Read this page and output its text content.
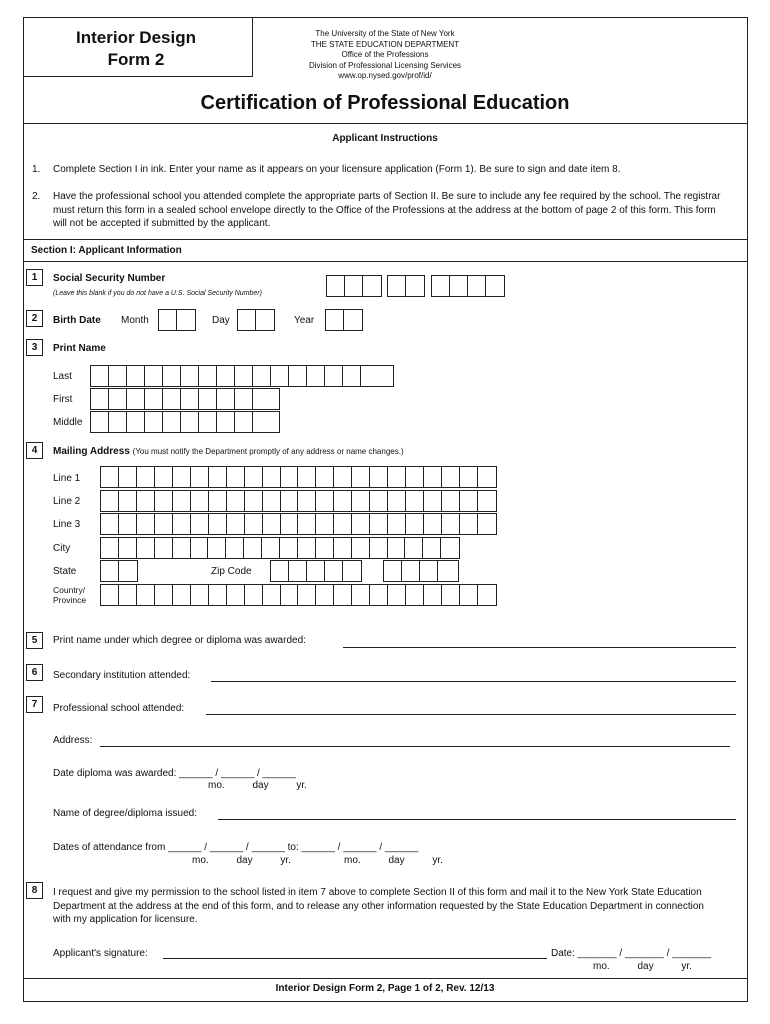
Interior Design
Form 2
The University of the State of New York
THE STATE EDUCATION DEPARTMENT
Office of the Professions
Division of Professional Licensing Services
www.op.nysed.gov/prof/id/
Certification of Professional Education
Applicant Instructions
1. Complete Section I in ink. Enter your name as it appears on your licensure application (Form 1). Be sure to sign and date item 8.
2. Have the professional school you attended complete the appropriate parts of Section II. Be sure to include any fee required by the school. The registrar must return this form in a sealed school envelope directly to the Office of the Professions at the address at the bottom of page 2 of this form. This form will not be accepted if submitted by the applicant.
Section I: Applicant Information
1	Social Security Number
(Leave this blank if you do not have a U.S. Social Security Number)
2	Birth Date Month	Day	Year
3	Print Name
Last
First
Middle
4	Mailing Address (You must notify the Department promptly of any address or name changes.)
Line 1
Line 2
Line 3
City
State	Zip Code
Country/
Province
5	Print name under which degree or diploma was awarded:
6	Secondary institution attended:
7	Professional school attended:
Address:
Date diploma was awarded: ______ / ______ / ______
mo.          day          yr.
Name of degree/diploma issued:
Dates of attendance from ______ / ______ / ______ to: ______ / ______ / ______
mo.          day          yr.	mo.          day          yr.
8	I request and give my permission to the school listed in item 7 above to complete Section II of this form and mail it to the New York State Education Department at the address at the end of this form, and to release any other information requested by the State Education Department in connection with my application for licensure.
Applicant's signature:	Date: _______ / _______ / _______
mo.          day          yr.
Interior Design Form 2, Page 1 of 2, Rev. 12/13
